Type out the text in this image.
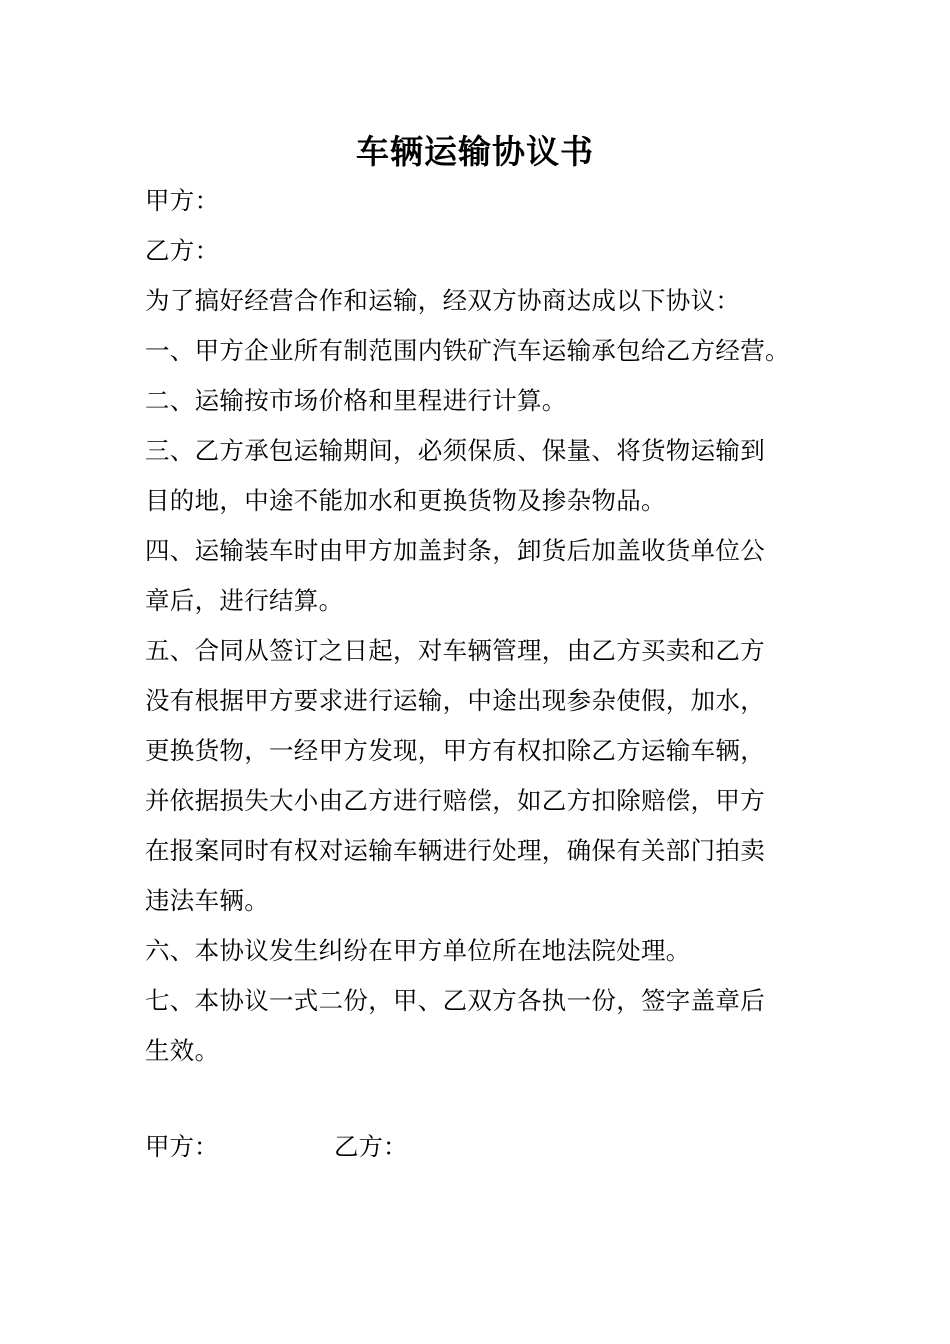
车辆运输协议书
甲方：
乙方：
为了搞好经营合作和运输，经双方协商达成以下协议：
一、甲方企业所有制范围内铁矿汽车运输承包给乙方经营。
二、运输按市场价格和里程进行计算。
三、乙方承包运输期间，必须保质、保量、将货物运输到
目的地，中途不能加水和更换货物及掺杂物品。
四、运输装车时由甲方加盖封条，卸货后加盖收货单位公
章后，进行结算。
五、合同从签订之日起，对车辆管理，由乙方买卖和乙方
没有根据甲方要求进行运输，中途出现参杂使假，加水，
更换货物，一经甲方发现，甲方有权扣除乙方运输车辆，
并依据损失大小由乙方进行赔偿，如乙方扣除赔偿，甲方
在报案同时有权对运输车辆进行处理，确保有关部门拍卖
违法车辆。
六、本协议发生纠纷在甲方单位所在地法院处理。
七、本协议一式二份，甲、乙双方各执一份，签字盖章后
生效。
甲方：	乙方：
